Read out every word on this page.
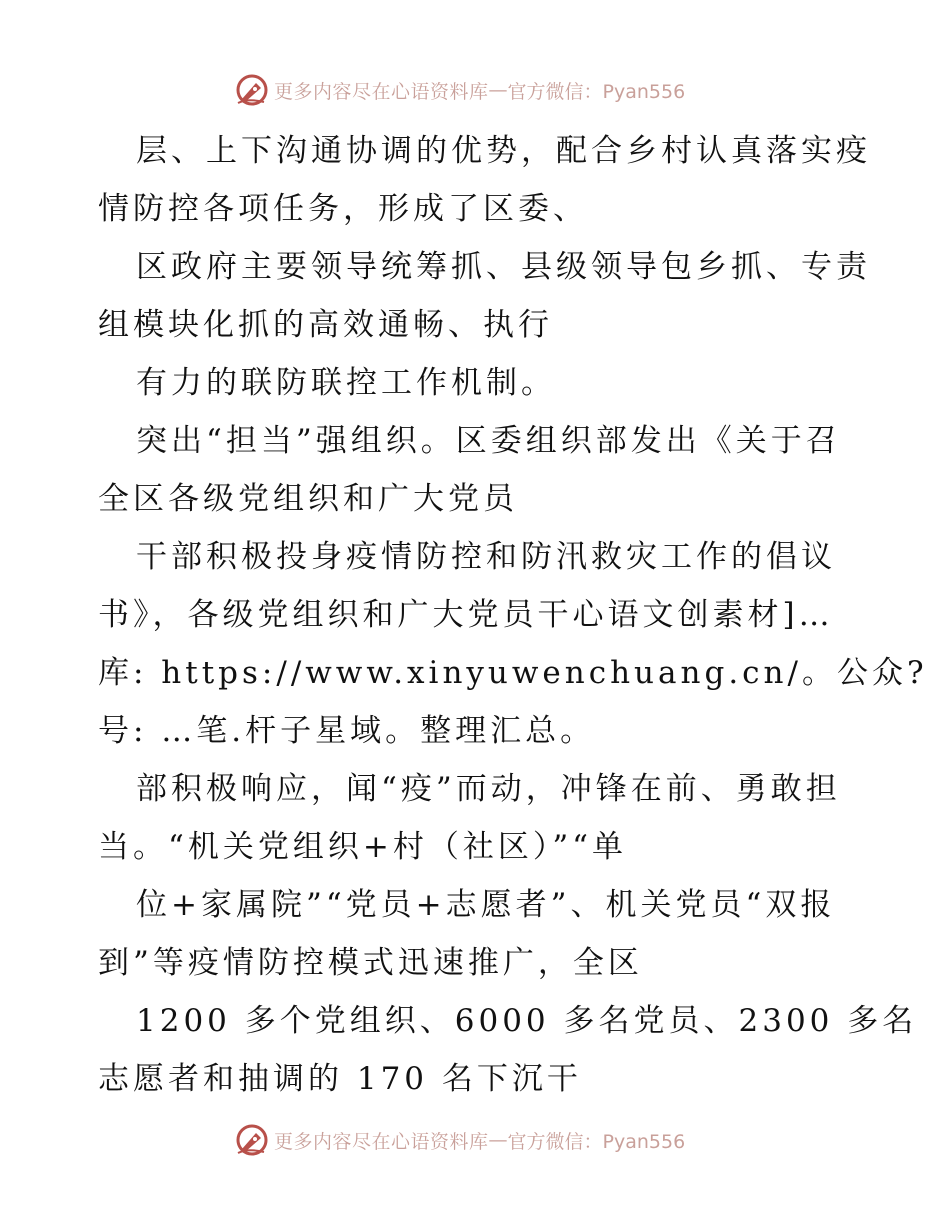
更多内容尽在心语资料库 — 官方微信：Pyan556
层、上下沟通协调的优势，配合乡村认真落实疫
情防控各项任务，形成了区委、
区政府主要领导统筹抓、县级领导包乡抓、专责
组模块化抓的高效通畅、执行
有力的联防联控工作机制。
突出“担当”强组织。区委组织部发出《关于召
全区各级党组织和广大党员
干部积极投身疫情防控和防汛救灾工作的倡议
书》，各级党组织和广大党员干心语文创素材]…
库: https://www.xinyuwenchuang.cn/。公众?
号: …笔.杆子星域。整理汇总。
部积极响应，闻“疫”而动，冲锋在前、勇敢担
当。“机关党组织+村（社区）”“单
位+家属院”“党员+志愿者”、机关党员“双报
到”等疫情防控模式迅速推广，全区
1200 多个党组织、6000 多名党员、2300 多名
志愿者和抽调的 170 名下沉干
更多内容尽在心语资料库 — 官方微信：Pyan556
